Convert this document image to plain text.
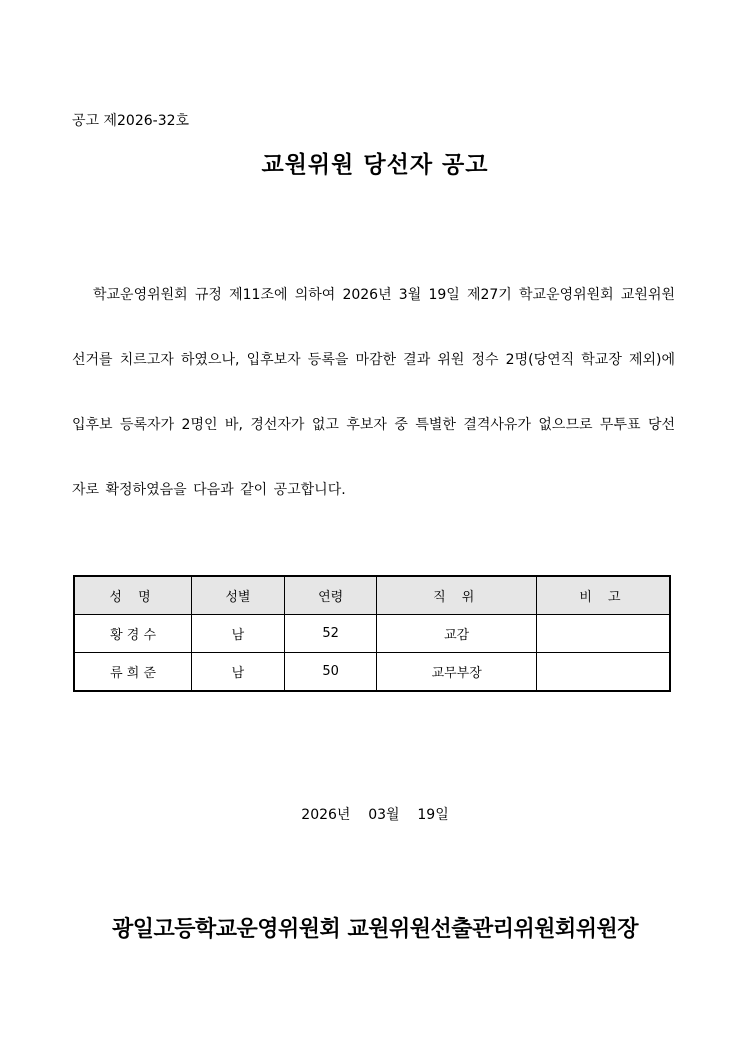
공고 제2026-32호
교원위원 당선자 공고

학교운영위원회 규정 제11조에 의하여 2026년 3월 19일 제27기 학교운영위원회 교원위원 선거를 치르고자 하였으나, 입후보자 등록을 마감한 결과 위원 정수 2명(당연직 학교장 제외)에 입후보 등록자가 2명인 바, 경선자가 없고 후보자 중 특별한 결격사유가 없으므로 무투표 당선자로 확정하였음을 다음과 같이 공고합니다.

성 명	성별	연령	직 위	비 고
황 경 수	남	52	교감	
류 희 준	남	50	교무부장	
2026년    03월    19일
광일고등학교운영위원회 교원위원선출관리위원회위원장
